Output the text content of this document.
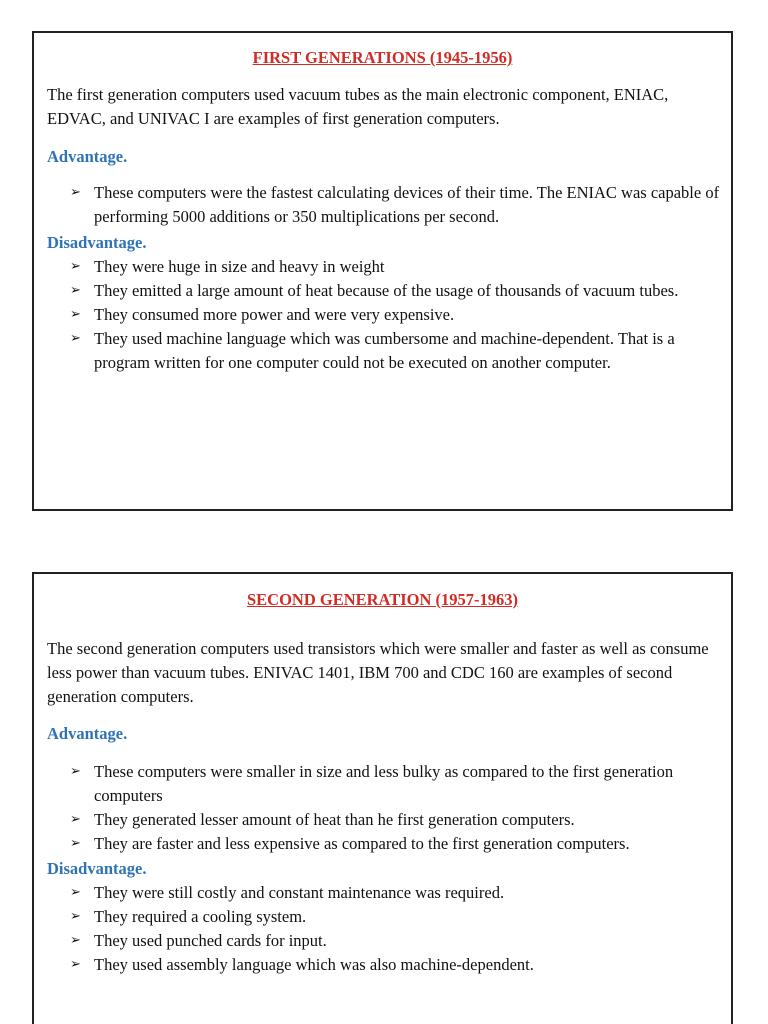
FIRST GENERATIONS (1945-1956)

The first generation computers used vacuum tubes as the main electronic component, ENIAC, EDVAC, and UNIVAC I are examples of first generation computers.

Advantage.

➢ These computers were the fastest calculating devices of their time. The ENIAC was capable of performing 5000 additions or 350 multiplications per second.

Disadvantage.

➢ They were huge in size and heavy in weight
➢ They emitted a large amount of heat because of the usage of thousands of vacuum tubes.
➢ They consumed more power and were very expensive.
➢ They used machine language which was cumbersome and machine-dependent. That is a program written for one computer could not be executed on another computer.
SECOND GENERATION (1957-1963)

The second generation computers used transistors which were smaller and faster as well as consume less power than vacuum tubes. ENIVAC 1401, IBM 700 and CDC 160 are examples of second generation computers.

Advantage.

➢ These computers were smaller in size and less bulky as compared to the first generation computers
➢ They generated lesser amount of heat than he first generation computers.
➢ They are faster and less expensive as compared to the first generation computers.

Disadvantage.

➢ They were still costly and constant maintenance was required.
➢ They required a cooling system.
➢ They used punched cards for input.
➢ They used assembly language which was also machine-dependent.
